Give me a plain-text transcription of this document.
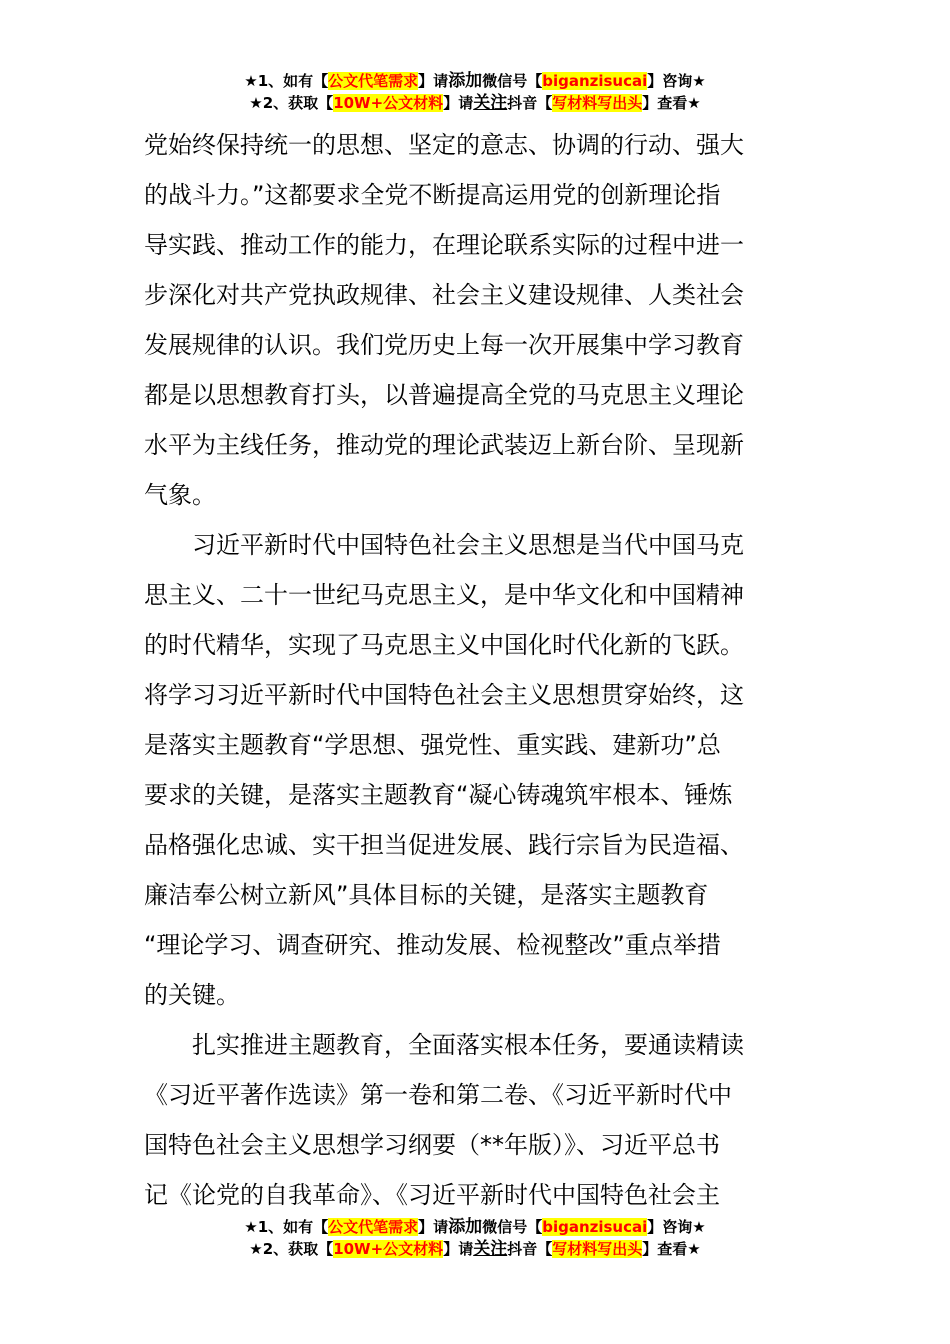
★1、如有【公文代笔需求】请添加微信号【biganzisucai】咨询★
★2、获取【10W+公文材料】请关注抖音【写材料写出头】查看★
党始终保持统一的思想、坚定的意志、协调的行动、强大
的战斗力。”这都要求全党不断提高运用党的创新理论指
导实践、推动工作的能力，在理论联系实际的过程中进一
步深化对共产党执政规律、社会主义建设规律、人类社会
发展规律的认识。我们党历史上每一次开展集中学习教育
都是以思想教育打头，以普遍提高全党的马克思主义理论
水平为主线任务，推动党的理论武装迈上新台阶、呈现新
气象。
习近平新时代中国特色社会主义思想是当代中国马克
思主义、二十一世纪马克思主义，是中华文化和中国精神
的时代精华，实现了马克思主义中国化时代化新的飞跃。
将学习习近平新时代中国特色社会主义思想贯穿始终，这
是落实主题教育“学思想、强党性、重实践、建新功”总
要求的关键，是落实主题教育“凝心铸魂筑牢根本、锤炼
品格强化忠诚、实干担当促进发展、践行宗旨为民造福、
廉洁奉公树立新风”具体目标的关键，是落实主题教育
“理论学习、调查研究、推动发展、检视整改”重点举措
的关键。
扎实推进主题教育，全面落实根本任务，要通读精读
《习近平著作选读》第一卷和第二卷、《习近平新时代中
国特色社会主义思想学习纲要（**年版）》、习近平总书
记《论党的自我革命》、《习近平新时代中国特色社会主
★1、如有【公文代笔需求】请添加微信号【biganzisucai】咨询★
★2、获取【10W+公文材料】请关注抖音【写材料写出头】查看★
